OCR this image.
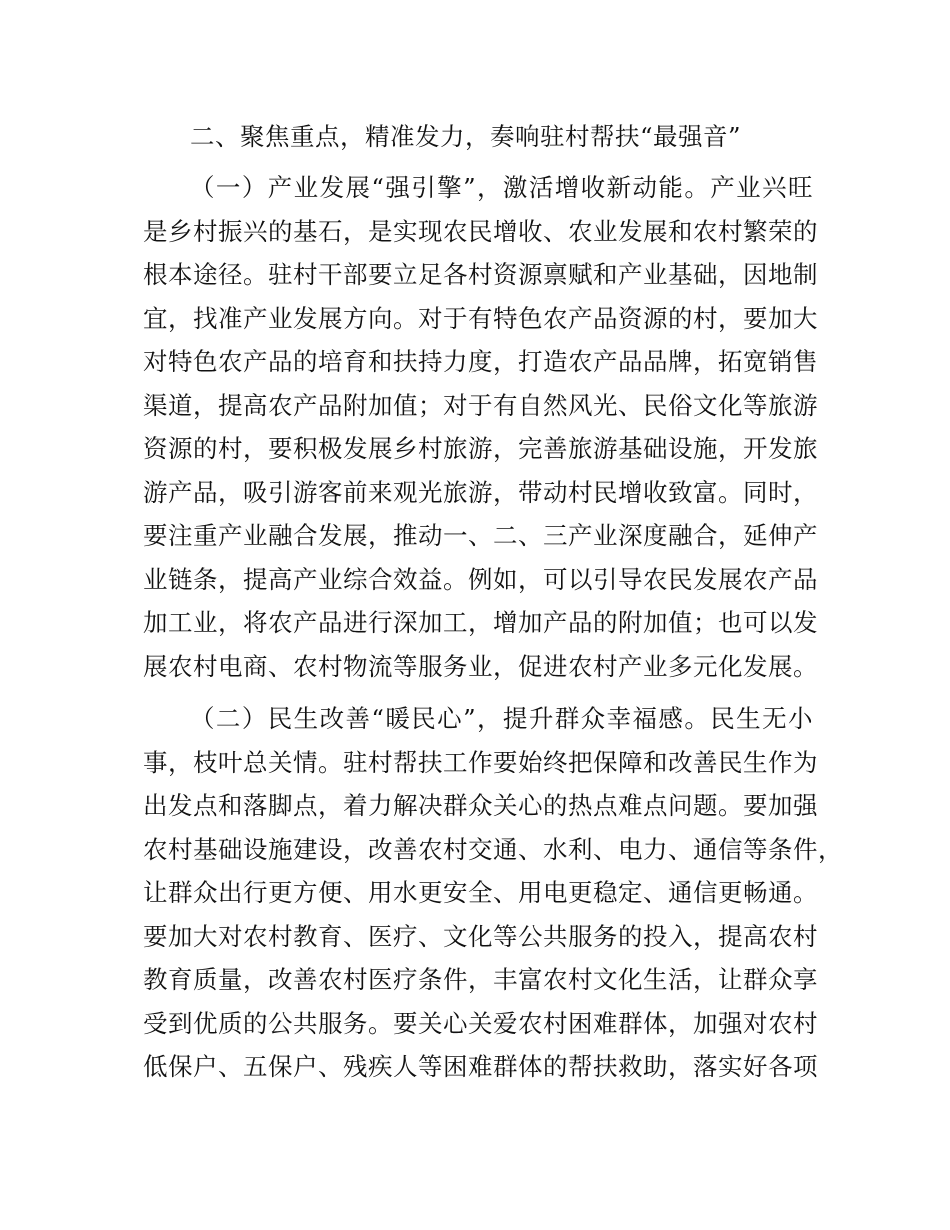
二、聚焦重点，精准发力，奏响驻村帮扶“最强音”
（一）产业发展“强引擎”，激活增收新动能。产业兴旺
是乡村振兴的基石，是实现农民增收、农业发展和农村繁荣的
根本途径。驻村干部要立足各村资源禀赋和产业基础，因地制
宜，找准产业发展方向。对于有特色农产品资源的村，要加大
对特色农产品的培育和扶持力度，打造农产品品牌，拓宽销售
渠道，提高农产品附加值；对于有自然风光、民俗文化等旅游
资源的村，要积极发展乡村旅游，完善旅游基础设施，开发旅
游产品，吸引游客前来观光旅游，带动村民增收致富。同时，
要注重产业融合发展，推动一、二、三产业深度融合，延伸产
业链条，提高产业综合效益。例如，可以引导农民发展农产品
加工业，将农产品进行深加工，增加产品的附加值；也可以发
展农村电商、农村物流等服务业，促进农村产业多元化发展。
（二）民生改善“暖民心”，提升群众幸福感。民生无小
事，枝叶总关情。驻村帮扶工作要始终把保障和改善民生作为
出发点和落脚点，着力解决群众关心的热点难点问题。要加强
农村基础设施建设，改善农村交通、水利、电力、通信等条件，
让群众出行更方便、用水更安全、用电更稳定、通信更畅通。
要加大对农村教育、医疗、文化等公共服务的投入，提高农村
教育质量，改善农村医疗条件，丰富农村文化生活，让群众享
受到优质的公共服务。要关心关爱农村困难群体，加强对农村
低保户、五保户、残疾人等困难群体的帮扶救助，落实好各项
